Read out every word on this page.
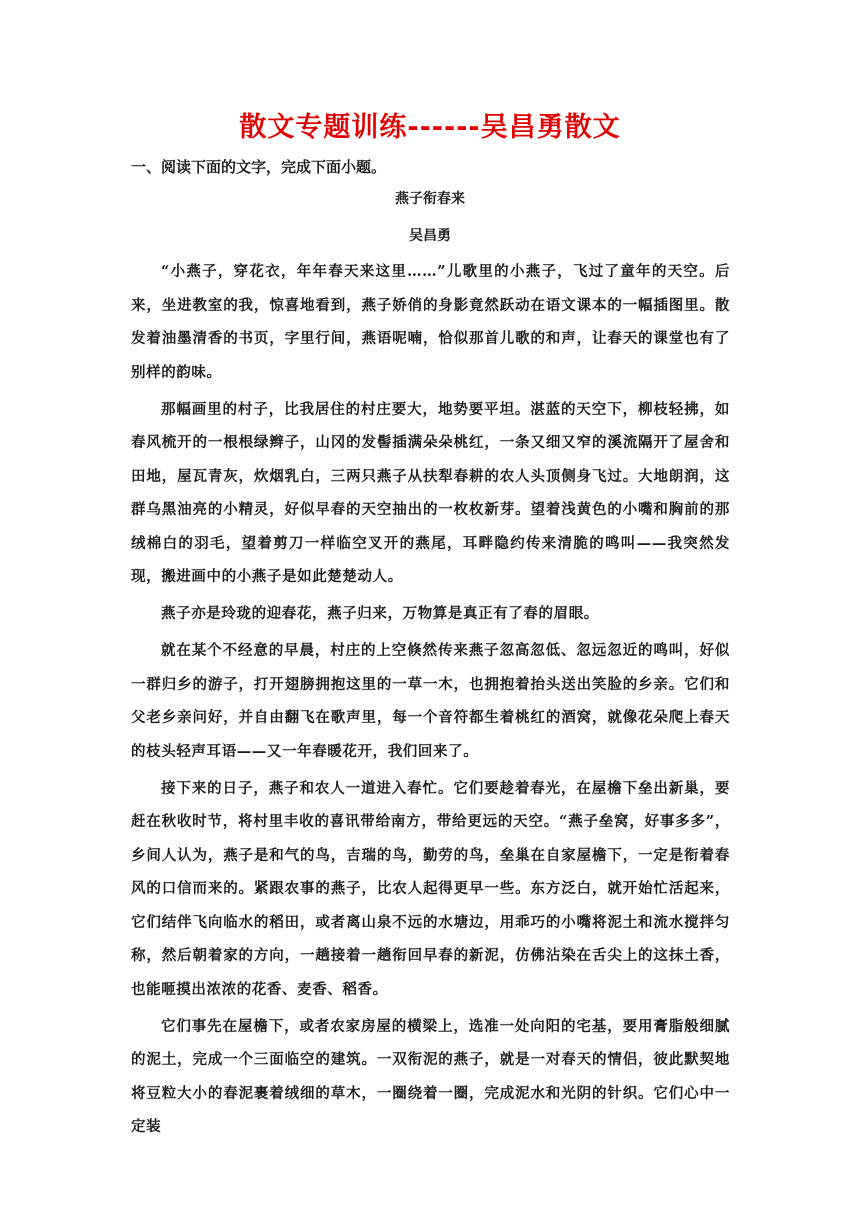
散文专题训练------吴昌勇散文
一、阅读下面的文字，完成下面小题。
燕子衔春来
吴昌勇

“小燕子，穿花衣，年年春天来这里……”儿歌里的小燕子，飞过了童年的天空。后来，坐进教室的我，惊喜地看到，燕子娇俏的身影竟然跃动在语文课本的一幅插图里。散发着油墨清香的书页，字里行间，燕语呢喃，恰似那首儿歌的和声，让春天的课堂也有了别样的韵味。

那幅画里的村子，比我居住的村庄要大，地势要平坦。湛蓝的天空下，柳枝轻拂，如春风梳开的一根根绿辫子，山冈的发髻插满朵朵桃红，一条又细又窄的溪流隔开了屋舍和田地，屋瓦青灰，炊烟乳白，三两只燕子从扶犁春耕的农人头顶侧身飞过。大地朗润，这群乌黑油亮的小精灵，好似早春的天空抽出的一枚枚新芽。望着浅黄色的小嘴和胸前的那绒棉白的羽毛，望着剪刀一样临空叉开的燕尾，耳畔隐约传来清脆的鸣叫——我突然发现，搬进画中的小燕子是如此楚楚动人。

燕子亦是玲珑的迎春花，燕子归来，万物算是真正有了春的眉眼。

就在某个不经意的早晨，村庄的上空倏然传来燕子忽高忽低、忽远忽近的鸣叫，好似一群归乡的游子，打开翅膀拥抱这里的一草一木，也拥抱着抬头送出笑脸的乡亲。它们和父老乡亲问好，并自由翻飞在歌声里，每一个音符都生着桃红的酒窝，就像花朵爬上春天的枝头轻声耳语——又一年春暖花开，我们回来了。

接下来的日子，燕子和农人一道进入春忙。它们要趁着春光，在屋檐下垒出新巢，要赶在秋收时节，将村里丰收的喜讯带给南方，带给更远的天空。“燕子垒窝，好事多多”，乡间人认为，燕子是和气的鸟，吉瑞的鸟，勤劳的鸟，垒巢在自家屋檐下，一定是衔着春风的口信而来的。紧跟农事的燕子，比农人起得更早一些。东方泛白，就开始忙活起来，它们结伴飞向临水的稻田，或者离山泉不远的水塘边，用乖巧的小嘴将泥土和流水搅拌匀称，然后朝着家的方向，一趟接着一趟衔回早春的新泥，仿佛沾染在舌尖上的这抹土香，也能咂摸出浓浓的花香、麦香、稻香。

它们事先在屋檐下，或者农家房屋的横梁上，选准一处向阳的宅基，要用膏脂般细腻的泥土，完成一个三面临空的建筑。一双衔泥的燕子，就是一对春天的情侣，彼此默契地将豆粒大小的春泥裹着绒细的草木，一圈绕着一圈，完成泥水和光阴的针织。它们心中一定装
